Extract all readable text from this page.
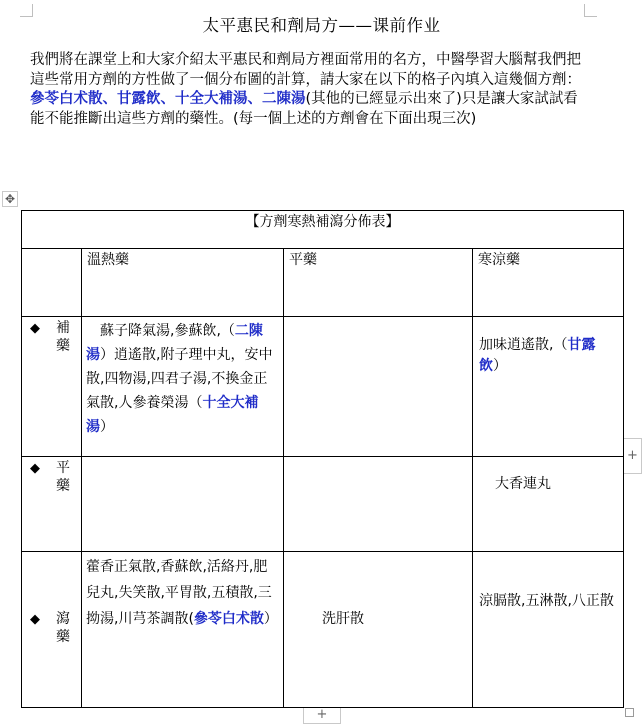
太平惠民和劑局方——课前作业
我們將在課堂上和大家介紹太平惠民和劑局方裡面常用的名方，中醫學習大腦幫我們把這些常用方劑的方性做了一個分布圖的計算，請大家在以下的格子內填入這幾個方劑：參苓白术散、甘露飲、十全大補湯、二陳湯(其他的已經显示出來了)只是讓大家試試看能不能推斷出這些方劑的藥性。(每一個上述的方劑會在下面出現三次)
✥
【方劑寒熱補瀉分佈表】			
	溫熱藥	平藥	寒涼藥

◆ 補藥	蘇子降氣湯,參蘇飲,（二陳湯）逍遙散,附子理中丸，安中散,四物湯,四君子湯,不換金正氣散,人參養榮湯（十全大補湯）		加味逍遙散,（甘露飲）

◆ 平藥			大香連丸

◆ 瀉藥	藿香正氣散,香蘇飲,活絡丹,肥兒丸,失笑散,平胃散,五積散,三拗湯,川芎茶調散(參苓白术散）	洗肝散	涼膈散,五淋散,八正散
+
+
